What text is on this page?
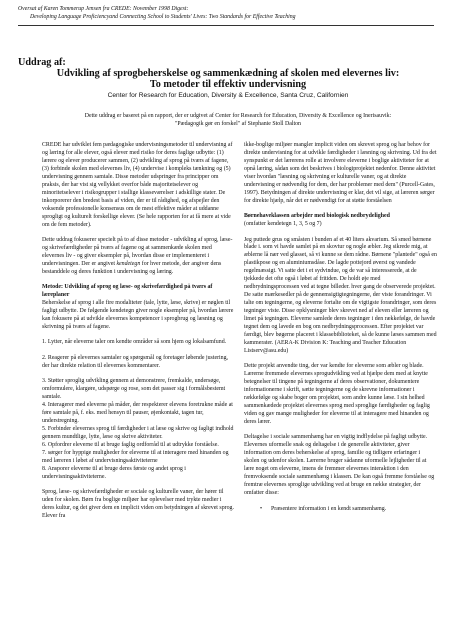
Oversat af Karen Tommerup Jensen fra CREDE: November 1998 Digest:
Developing Language Proficiencyand Connecting School to Students' Lives: Two Standards for Effective Teaching
Uddrag af:
Udvikling af sprogbeherskelse og sammenkædning af skolen med elevernes liv:
To metoder til effektiv undervisning
Center for Research for Education, Diversity & Excellence, Santa Cruz, Californien
Dette uddrag er baseret på en rapport, der er udgivet af Center for Research for Education, Diversity & Excellence og Inerisauvik:
"Pædagogik gør en forskel" af Stephanie Stoll Dalton

CREDE har udviklet fem pædagogiske undervisningsmetoder til undervisning af og læring for alle elever, også elever med risiko for deres faglige udbytte: (1) lærere og elever producerer sammen, (2) udvikling af sprog på tværs af fagene, (3) forbinde skolen med elevernes liv, (4) undervise i kompleks tænkning og (5) undervisning gennem samtale. Disse metoder udspringer fra principper om praksis, der har vist sig vellykket overfor både majoritetselever og minoritetselever i risikogrupper i stallige klasseværelser i adskillige stater. De inkorporerer den bredest basis af viden, der er til rådighed, og afspejler den voksende professionelle konsensus om de mest effektive måder at uddanne sprogligt og kulturelt forskellige elever. (Se hele rapporten for at få mere at vide om de fem metoder).

Dette uddrag fokuserer specielt på to af disse metoder - udvikling af sprog, læse- og skrivefærdigheder på tværs af fagene og at sammenkæde skolen med elevernes liv - og giver eksempler på, hvordan disse er implementeret i undervisningen. Der er angivet kendetegn for hver metode, der angiver dens bestanddele og deres funktion i undervisning og læring.

Metode: Udvikling af sprog og læse- og skrivefærdighed på tværs af læreplaner

Beherskelse af sprog i alle fire modaliteter (tale, lytte, læse, skrive) er nøglen til fagligt udbytte. De følgende kendetegn giver nogle eksempler på, hvordan lærere kan fokusere på at udvikle elevernes kompetencer i sprogbrug og læsning og skrivning på tværs af fagene.

1. Lytter, når eleverne taler om kendte områder så som hjem og lokalsamfund.

2. Reagerer på elevernes samtaler og spørgsmål og foretager løbende justering, der har direkte relation til elevernes kommentarer.

3. Støtter sproglig udvikling gennem at demonstrere, fremkalde, undersøge, omformulere, klargøre, udspørge og rose, som det passer sig i formålsbestemt samtale.

4. Interagerer med eleverne på måder, der respekterer elevens foretrukne måde at føre samtale på, f. eks. med hensyn til pauser, øjenkontakt, tagen tur, understregning.

5. Forbinder elevernes sprog til færdigheder i at læse og skrive og fagligt indhold gennem mundtlige, lytte, læse og skrive aktiviteter.

6. Opfordrer eleverne til at bruge faglig ordforråd til at udtrykke forståelse.

7. sørger for hyppige muligheder for eleverne til at interagere med hinanden og med læreren i løbet af undervisningsaktiviteterne

8. Ansporer eleverne til at bruge deres første og andet sprog i undervisningsaktiviteterne.

Sprog, læse- og skrivefærdigheder er sociale og kulturelle vaner, der hører til uden for skolen. Børn fra boglige miljøer har oplevelser med trykte medier i deres kultur, og det giver dem en implicit viden om betydningen af skrevet sprog. Elever fra

ikke-boglige miljøer mangler implicit viden om skrevet sprog og har behov for direkte undervisning for at udvikle færdigheder i læsning og skrivning. Ud fra det synspunkt er det lærerens rolle at involvere eleverne i boglige aktiviteter for at opnå læring, sådan som det beskrives i biologiprojektet nedenfor. Denne aktivitet viser hvordan "læsning og skrivning er kulturelle vaner, og at direkte undervisning er nødvendig for dem, der har problemer med dem" (Purcell-Gates, 1997). Betydningen af direkte undervisning er klar, det vil sige, at læreren sørger for direkte hjælp, når det er nødvendigt for at støtte forståelsen

Børnehaveklassen arbejder med biologisk nedbrydelighed

(omfatter kendetegn 1, 3, 5 og 7)

Jeg puttede grus og småsten i bunden af et 40 liters akvarium. Så smed børnene blade i. som vi havde samlet på en skovtur og nogle æbler. Jeg sikrede mig, at æblerne lå nær ved glasset, så vi kunne se dem rådne. Børnene "plantede" også en plastikpose og en aluminiumsdåse. De lagde pottejord øverst og vandede regelmæssigt. Vi satte det i et sydvindue, og de var så interesserede, at de tjekkede det ofte også i løbet af fritiden. De holdt øje med nedbrydningsprocessen ved at tegne billeder. hver gang de observerede projektet. De satte mærkesedler på de gennemsigtigtegningerne, der viste forandringer. Vi talte om tegningerne, og eleverne fortalte om de vigtigste forandringer, som deres tegninger viste. Disse opklysninger blev skrevet ned af eleven eller læreren og limet på tegningen. Eleverne samlede deres tegninger i den rækkefølge, de havde tegnet dem og lavede en bog om nedbrydningsprocessen. Efter projektet var færdigt, blev bøgerne placeret i klassebiblioteket, så de kunne læses sammen med kammerater. (AERA-K Division K: Teaching and Teacher Education Listserv@asu.edu)

Dette projekt anvendte ting, der var kendte for eleverne som æbler og blade. Lærerne fremmede elevernes sprogudvikling ved at hjælpe dem med at knytte betegnelser til tingene på tegningerne af deres observationer, dokumentere informationerne i skrift, sætte tegningerne og de skrevne informationer i rækkefølge og skabe boger om projektet, som andre kunne læse. I sin helhed sammenkædede projektet elevernes sprog med sproglige færdigheder og faglig viden og gav mange muligheder for eleverne til at interagere med hinanden og deres lærer.

Deltagelse i sociale sammenhæng har en vigtig indflydelse på fagligt udbytte. Elevernes uformelle snak og deltagelse i de generelle aktiviteter, giver information om deres beherskelse af sprog, familie og tidligere erfaringer i skolen og udenfor skolen. Lærerne bruger sådanne uformelle lejligheder til at lære noget om eleverne, imens de fremmer elevernes interaktion i den fremvoksende sociale sammenhæng i klassen. De kan også fremme forståelse og fremtræ elevernes sproglige udvikling ved at bruge en række strategier, der omfatter disse:

•	Præsentere information i en kendt sammenhæng.
